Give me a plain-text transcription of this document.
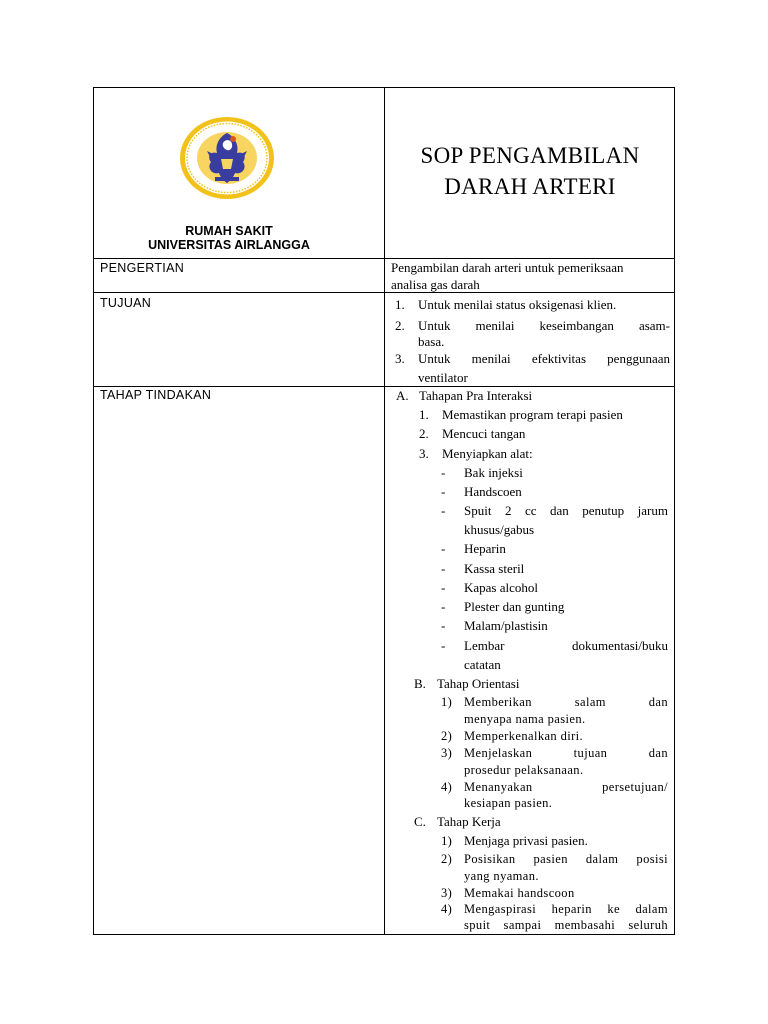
RUMAH SAKIT
UNIVERSITAS AIRLANGGA
SOP PENGAMBILAN
DARAH ARTERI
PENGERTIAN	Pengambilan darah arteri untuk pemeriksaan
analisa gas darah
TUJUAN	1. Untuk menilai status oksigenasi klien.
2. Untuk menilai keseimbangan asam-
basa.
3. Untuk menilai efektivitas penggunaan
ventilator
TAHAP TINDAKAN	A. Tahapan Pra Interaksi
1. Memastikan program terapi pasien
2. Mencuci tangan
3. Menyiapkan alat:
- Bak injeksi
- Handscoen
- Spuit 2 cc dan penutup jarum
khusus/gabus
- Heparin
- Kassa steril
- Kapas alcohol
- Plester dan gunting
- Malam/plastisin
- Lembar dokumentasi/buku
catatan
B. Tahap Orientasi
1) Memberikan salam dan
menyapa nama pasien.
2) Memperkenalkan diri.
3) Menjelaskan tujuan dan
prosedur pelaksanaan.
4) Menanyakan persetujuan/
kesiapan pasien.
C. Tahap Kerja
1) Menjaga privasi pasien.
2) Posisikan pasien dalam posisi
yang nyaman.
3) Memakai handscoon
4) Mengaspirasi heparin ke dalam
spuit sampai membasahi seluruh
